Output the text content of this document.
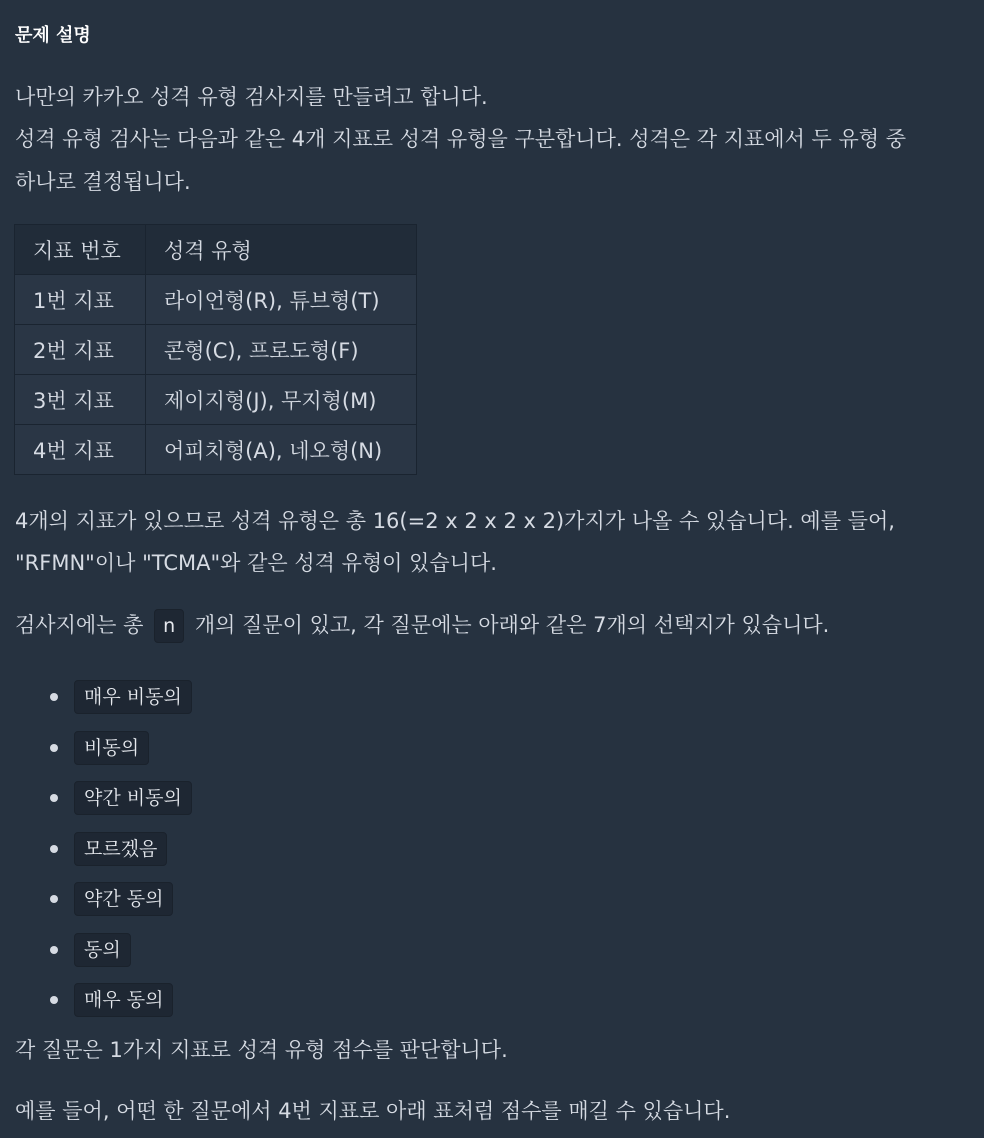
문제 설명
나만의 카카오 성격 유형 검사지를 만들려고 합니다.
성격 유형 검사는 다음과 같은 4개 지표로 성격 유형을 구분합니다. 성격은 각 지표에서 두 유형 중
하나로 결정됩니다.
지표 번호	성격 유형
1번 지표	라이언형(R), 튜브형(T)
2번 지표	콘형(C), 프로도형(F)
3번 지표	제이지형(J), 무지형(M)
4번 지표	어피치형(A), 네오형(N)
4개의 지표가 있으므로 성격 유형은 총 16(=2 x 2 x 2 x 2)가지가 나올 수 있습니다. 예를 들어,
"RFMN"이나 "TCMA"와 같은 성격 유형이 있습니다.
검사지에는 총 n 개의 질문이 있고, 각 질문에는 아래와 같은 7개의 선택지가 있습니다.
매우 비동의
비동의
약간 비동의
모르겠음
약간 동의
동의
매우 동의
각 질문은 1가지 지표로 성격 유형 점수를 판단합니다.
예를 들어, 어떤 한 질문에서 4번 지표로 아래 표처럼 점수를 매길 수 있습니다.
